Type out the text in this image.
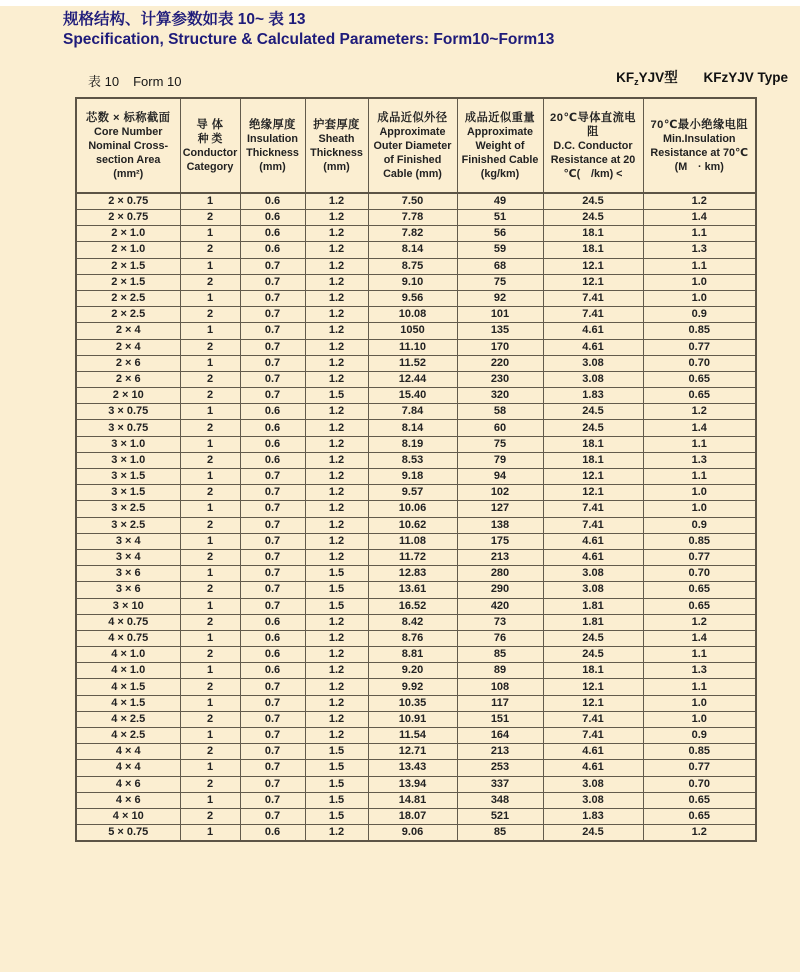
规格结构、计算参数如表 10~ 表 13
Specification, Structure & Calculated Parameters: Form10~Form13
表 10 Form 10	$KF_zYJV$型 KFzYJV Type
芯数 × 标称截面
Core Number
Nominal Cross-
section Area
(mm²)

导 体
种 类
Conductor
Category

绝缘厚度
Insulation
Thickness
(mm)

护套厚度
Sheath
Thickness
(mm)

成品近似外径
Approximate
Outer Diameter
of Finished
Cable (mm)

成品近似重量
Approximate
Weight of
Finished Cable
(kg/km)

20℃导体直流电阻
D.C. Conductor
Resistance at 20
℃(　/km) <

70℃最小绝缘电阻
Min.Insulation
Resistance at 70℃
(M　· km)

2 × 0.75	1	0.6	1.2	7.50	49	24.5	1.2
2 × 0.75	2	0.6	1.2	7.78	51	24.5	1.4
2 × 1.0	1	0.6	1.2	7.82	56	18.1	1.1
2 × 1.0	2	0.6	1.2	8.14	59	18.1	1.3
2 × 1.5	1	0.7	1.2	8.75	68	12.1	1.1
2 × 1.5	2	0.7	1.2	9.10	75	12.1	1.0
2 × 2.5	1	0.7	1.2	9.56	92	7.41	1.0
2 × 2.5	2	0.7	1.2	10.08	101	7.41	0.9
2 × 4	1	0.7	1.2	1050	135	4.61	0.85
2 × 4	2	0.7	1.2	11.10	170	4.61	0.77
2 × 6	1	0.7	1.2	11.52	220	3.08	0.70
2 × 6	2	0.7	1.2	12.44	230	3.08	0.65
2 × 10	2	0.7	1.5	15.40	320	1.83	0.65
3 × 0.75	1	0.6	1.2	7.84	58	24.5	1.2
3 × 0.75	2	0.6	1.2	8.14	60	24.5	1.4
3 × 1.0	1	0.6	1.2	8.19	75	18.1	1.1
3 × 1.0	2	0.6	1.2	8.53	79	18.1	1.3
3 × 1.5	1	0.7	1.2	9.18	94	12.1	1.1
3 × 1.5	2	0.7	1.2	9.57	102	12.1	1.0
3 × 2.5	1	0.7	1.2	10.06	127	7.41	1.0
3 × 2.5	2	0.7	1.2	10.62	138	7.41	0.9
3 × 4	1	0.7	1.2	11.08	175	4.61	0.85
3 × 4	2	0.7	1.2	11.72	213	4.61	0.77
3 × 6	1	0.7	1.5	12.83	280	3.08	0.70
3 × 6	2	0.7	1.5	13.61	290	3.08	0.65
3 × 10	1	0.7	1.5	16.52	420	1.81	0.65
4 × 0.75	2	0.6	1.2	8.42	73	1.81	1.2
4 × 0.75	1	0.6	1.2	8.76	76	24.5	1.4
4 × 1.0	2	0.6	1.2	8.81	85	24.5	1.1
4 × 1.0	1	0.6	1.2	9.20	89	18.1	1.3
4 × 1.5	2	0.7	1.2	9.92	108	12.1	1.1
4 × 1.5	1	0.7	1.2	10.35	117	12.1	1.0
4 × 2.5	2	0.7	1.2	10.91	151	7.41	1.0
4 × 2.5	1	0.7	1.2	11.54	164	7.41	0.9
4 × 4	2	0.7	1.5	12.71	213	4.61	0.85
4 × 4	1	0.7	1.5	13.43	253	4.61	0.77
4 × 6	2	0.7	1.5	13.94	337	3.08	0.70
4 × 6	1	0.7	1.5	14.81	348	3.08	0.65
4 × 10	2	0.7	1.5	18.07	521	1.83	0.65
5 × 0.75	1	0.6	1.2	9.06	85	24.5	1.2
